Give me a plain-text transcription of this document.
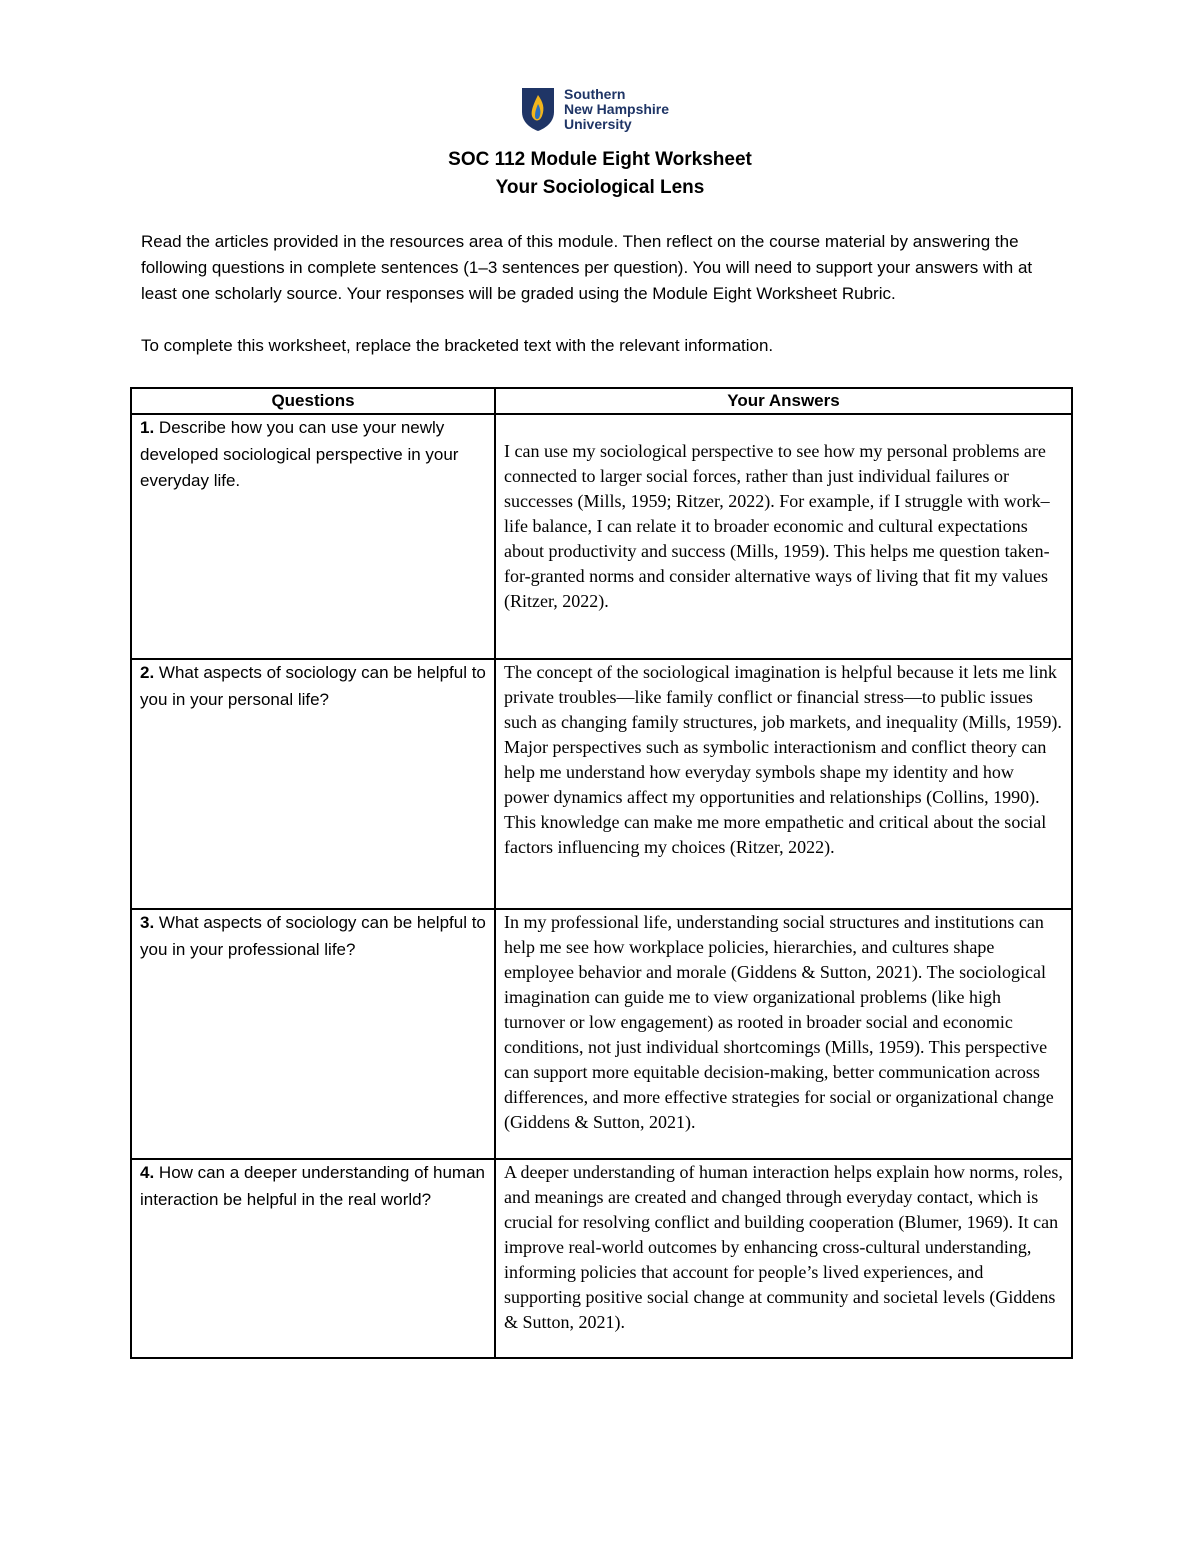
Southern
New Hampshire
University
SOC 112 Module Eight Worksheet
Your Sociological Lens

Read the articles provided in the resources area of this module. Then reflect on the course material by answering the following questions in complete sentences (1–3 sentences per question). You will need to support your answers with at least one scholarly source. Your responses will be graded using the Module Eight Worksheet Rubric.

To complete this worksheet, replace the bracketed text with the relevant information.

Questions	Your Answers
1. Describe how you can use your newly developed sociological perspective in your everyday life.	I can use my sociological perspective to see how my personal problems are connected to larger social forces, rather than just individual failures or successes (Mills, 1959; Ritzer, 2022). For example, if I struggle with work–life balance, I can relate it to broader economic and cultural expectations about productivity and success (Mills, 1959). This helps me question taken-for-granted norms and consider alternative ways of living that fit my values (Ritzer, 2022).
2. What aspects of sociology can be helpful to you in your personal life?	The concept of the sociological imagination is helpful because it lets me link private troubles—like family conflict or financial stress—to public issues such as changing family structures, job markets, and inequality (Mills, 1959). Major perspectives such as symbolic interactionism and conflict theory can help me understand how everyday symbols shape my identity and how power dynamics affect my opportunities and relationships (Collins, 1990). This knowledge can make me more empathetic and critical about the social factors influencing my choices (Ritzer, 2022).
3. What aspects of sociology can be helpful to you in your professional life?	In my professional life, understanding social structures and institutions can help me see how workplace policies, hierarchies, and cultures shape employee behavior and morale (Giddens & Sutton, 2021). The sociological imagination can guide me to view organizational problems (like high turnover or low engagement) as rooted in broader social and economic conditions, not just individual shortcomings (Mills, 1959). This perspective can support more equitable decision-making, better communication across differences, and more effective strategies for social or organizational change (Giddens & Sutton, 2021).
4. How can a deeper understanding of human interaction be helpful in the real world?	A deeper understanding of human interaction helps explain how norms, roles, and meanings are created and changed through everyday contact, which is crucial for resolving conflict and building cooperation (Blumer, 1969). It can improve real-world outcomes by enhancing cross-cultural understanding, informing policies that account for people’s lived experiences, and supporting positive social change at community and societal levels (Giddens & Sutton, 2021).
